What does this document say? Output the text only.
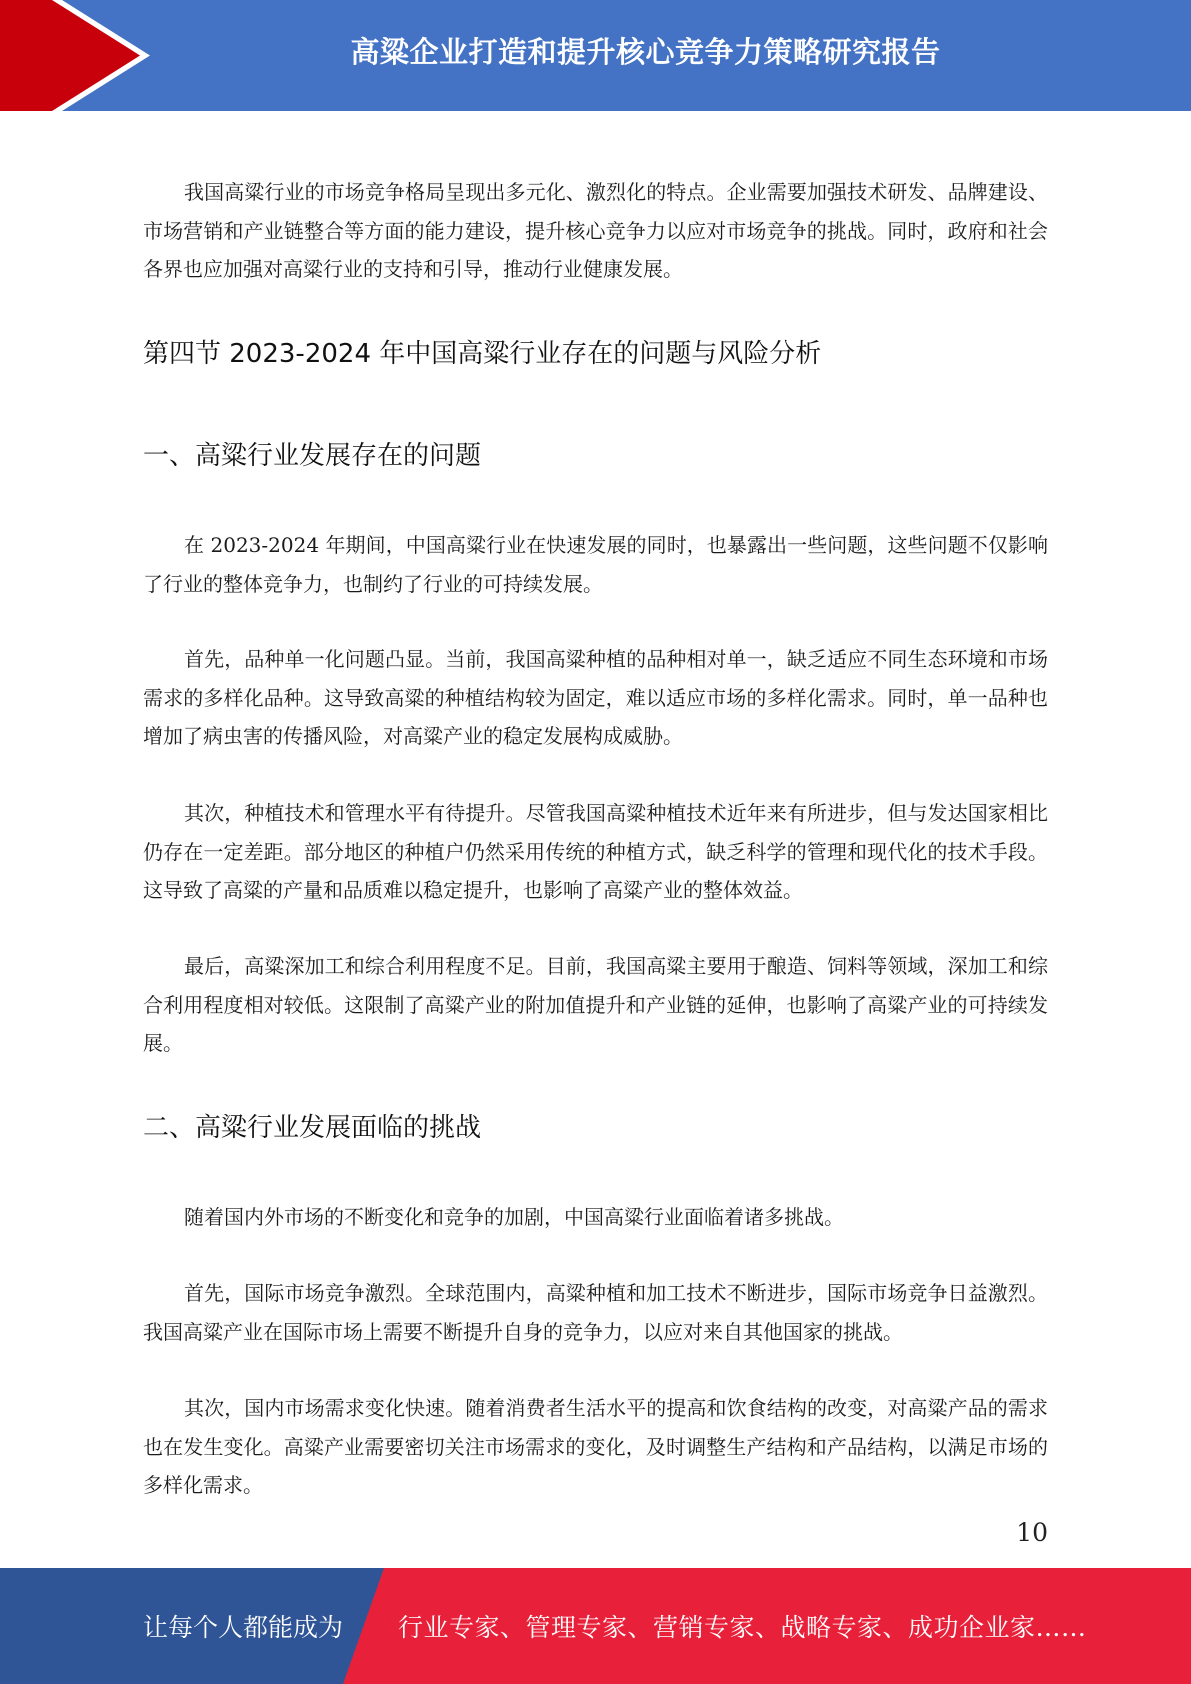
高粱企业打造和提升核心竞争力策略研究报告

我国高粱行业的市场竞争格局呈现出多元化、激烈化的特点。企业需要加强技术研发、品牌建设、市场营销和产业链整合等方面的能力建设，提升核心竞争力以应对市场竞争的挑战。同时，政府和社会各界也应加强对高粱行业的支持和引导，推动行业健康发展。

第四节 2023-2024 年中国高粱行业存在的问题与风险分析
一、高粱行业发展存在的问题

在 2023-2024 年期间，中国高粱行业在快速发展的同时，也暴露出一些问题，这些问题不仅影响了行业的整体竞争力，也制约了行业的可持续发展。

首先，品种单一化问题凸显。当前，我国高粱种植的品种相对单一，缺乏适应不同生态环境和市场需求的多样化品种。这导致高粱的种植结构较为固定，难以适应市场的多样化需求。同时，单一品种也增加了病虫害的传播风险，对高粱产业的稳定发展构成威胁。

其次，种植技术和管理水平有待提升。尽管我国高粱种植技术近年来有所进步，但与发达国家相比仍存在一定差距。部分地区的种植户仍然采用传统的种植方式，缺乏科学的管理和现代化的技术手段。这导致了高粱的产量和品质难以稳定提升，也影响了高粱产业的整体效益。

最后，高粱深加工和综合利用程度不足。目前，我国高粱主要用于酿造、饲料等领域，深加工和综合利用程度相对较低。这限制了高粱产业的附加值提升和产业链的延伸，也影响了高粱产业的可持续发展。

二、高粱行业发展面临的挑战

随着国内外市场的不断变化和竞争的加剧，中国高粱行业面临着诸多挑战。

首先，国际市场竞争激烈。全球范围内，高粱种植和加工技术不断进步，国际市场竞争日益激烈。我国高粱产业在国际市场上需要不断提升自身的竞争力，以应对来自其他国家的挑战。

其次，国内市场需求变化快速。随着消费者生活水平的提高和饮食结构的改变，对高粱产品的需求也在发生变化。高粱产业需要密切关注市场需求的变化，及时调整生产结构和产品结构，以满足市场的多样化需求。

10
让每个人都能成为 行业专家、管理专家、营销专家、战略专家、成功企业家……
